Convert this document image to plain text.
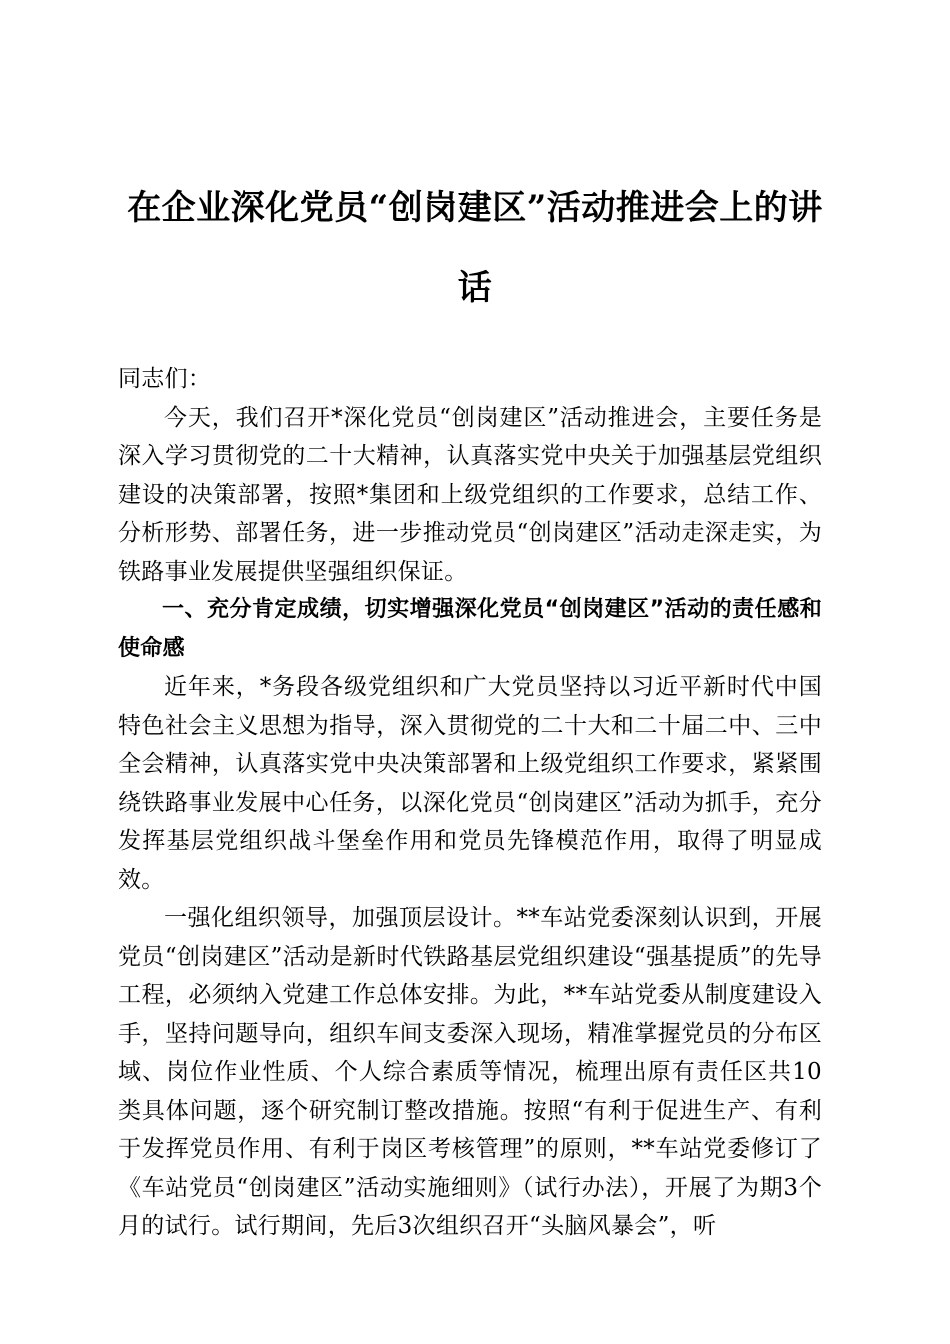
在企业深化党员“创岗建区”活动推进会上的讲话

同志们：

今天，我们召开*深化党员“创岗建区”活动推进会，主要任务是深入学习贯彻党的二十大精神，认真落实党中央关于加强基层党组织建设的决策部署，按照*集团和上级党组织的工作要求，总结工作、分析形势、部署任务，进一步推动党员“创岗建区”活动走深走实，为铁路事业发展提供坚强组织保证。

一、充分肯定成绩，切实增强深化党员“创岗建区”活动的责任感和使命感

近年来，*务段各级党组织和广大党员坚持以习近平新时代中国特色社会主义思想为指导，深入贯彻党的二十大和二十届二中、三中全会精神，认真落实党中央决策部署和上级党组织工作要求，紧紧围绕铁路事业发展中心任务，以深化党员“创岗建区”活动为抓手，充分发挥基层党组织战斗堡垒作用和党员先锋模范作用，取得了明显成效。

一强化组织领导，加强顶层设计。**车站党委深刻认识到，开展党员“创岗建区”活动是新时代铁路基层党组织建设“强基提质”的先导工程，必须纳入党建工作总体安排。为此，**车站党委从制度建设入手，坚持问题导向，组织车间支委深入现场，精准掌握党员的分布区域、岗位作业性质、个人综合素质等情况，梳理出原有责任区共10类具体问题，逐个研究制订整改措施。按照“有利于促进生产、有利于发挥党员作用、有利于岗区考核管理”的原则，**车站党委修订了《车站党员“创岗建区”活动实施细则》（试行办法），开展了为期3个月的试行。试行期间，先后3次组织召开“头脑风暴会”，听
